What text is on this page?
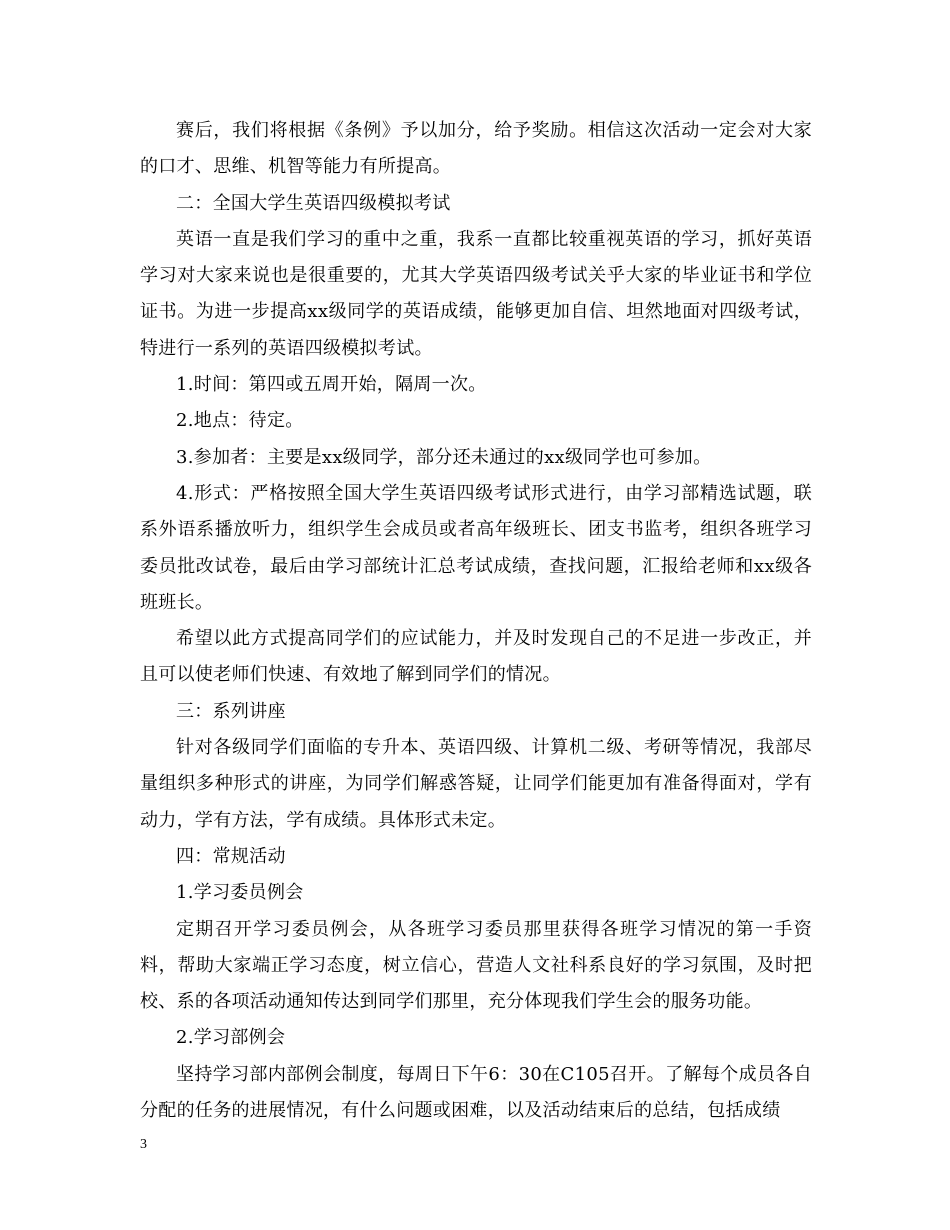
赛后，我们将根据《条例》予以加分，给予奖励。相信这次活动一定会对大家的口才、思维、机智等能力有所提高。

二：全国大学生英语四级模拟考试

英语一直是我们学习的重中之重，我系一直都比较重视英语的学习，抓好英语学习对大家来说也是很重要的，尤其大学英语四级考试关乎大家的毕业证书和学位证书。为进一步提高xx级同学的英语成绩，能够更加自信、坦然地面对四级考试，特进行一系列的英语四级模拟考试。

1.时间：第四或五周开始，隔周一次。

2.地点：待定。

3.参加者：主要是xx级同学，部分还未通过的xx级同学也可参加。

4.形式：严格按照全国大学生英语四级考试形式进行，由学习部精选试题，联系外语系播放听力，组织学生会成员或者高年级班长、团支书监考，组织各班学习委员批改试卷，最后由学习部统计汇总考试成绩，查找问题，汇报给老师和xx级各班班长。

希望以此方式提高同学们的应试能力，并及时发现自己的不足进一步改正，并且可以使老师们快速、有效地了解到同学们的情况。

三：系列讲座

针对各级同学们面临的专升本、英语四级、计算机二级、考研等情况，我部尽量组织多种形式的讲座，为同学们解惑答疑，让同学们能更加有准备得面对，学有动力，学有方法，学有成绩。具体形式未定。

四：常规活动

1.学习委员例会

定期召开学习委员例会，从各班学习委员那里获得各班学习情况的第一手资料，帮助大家端正学习态度，树立信心，营造人文社科系良好的学习氛围，及时把校、系的各项活动通知传达到同学们那里，充分体现我们学生会的服务功能。

2.学习部例会

坚持学习部内部例会制度，每周日下午6：30在C105召开。了解每个成员各自分配的任务的进展情况，有什么问题或困难，以及活动结束后的总结，包括成绩

3
